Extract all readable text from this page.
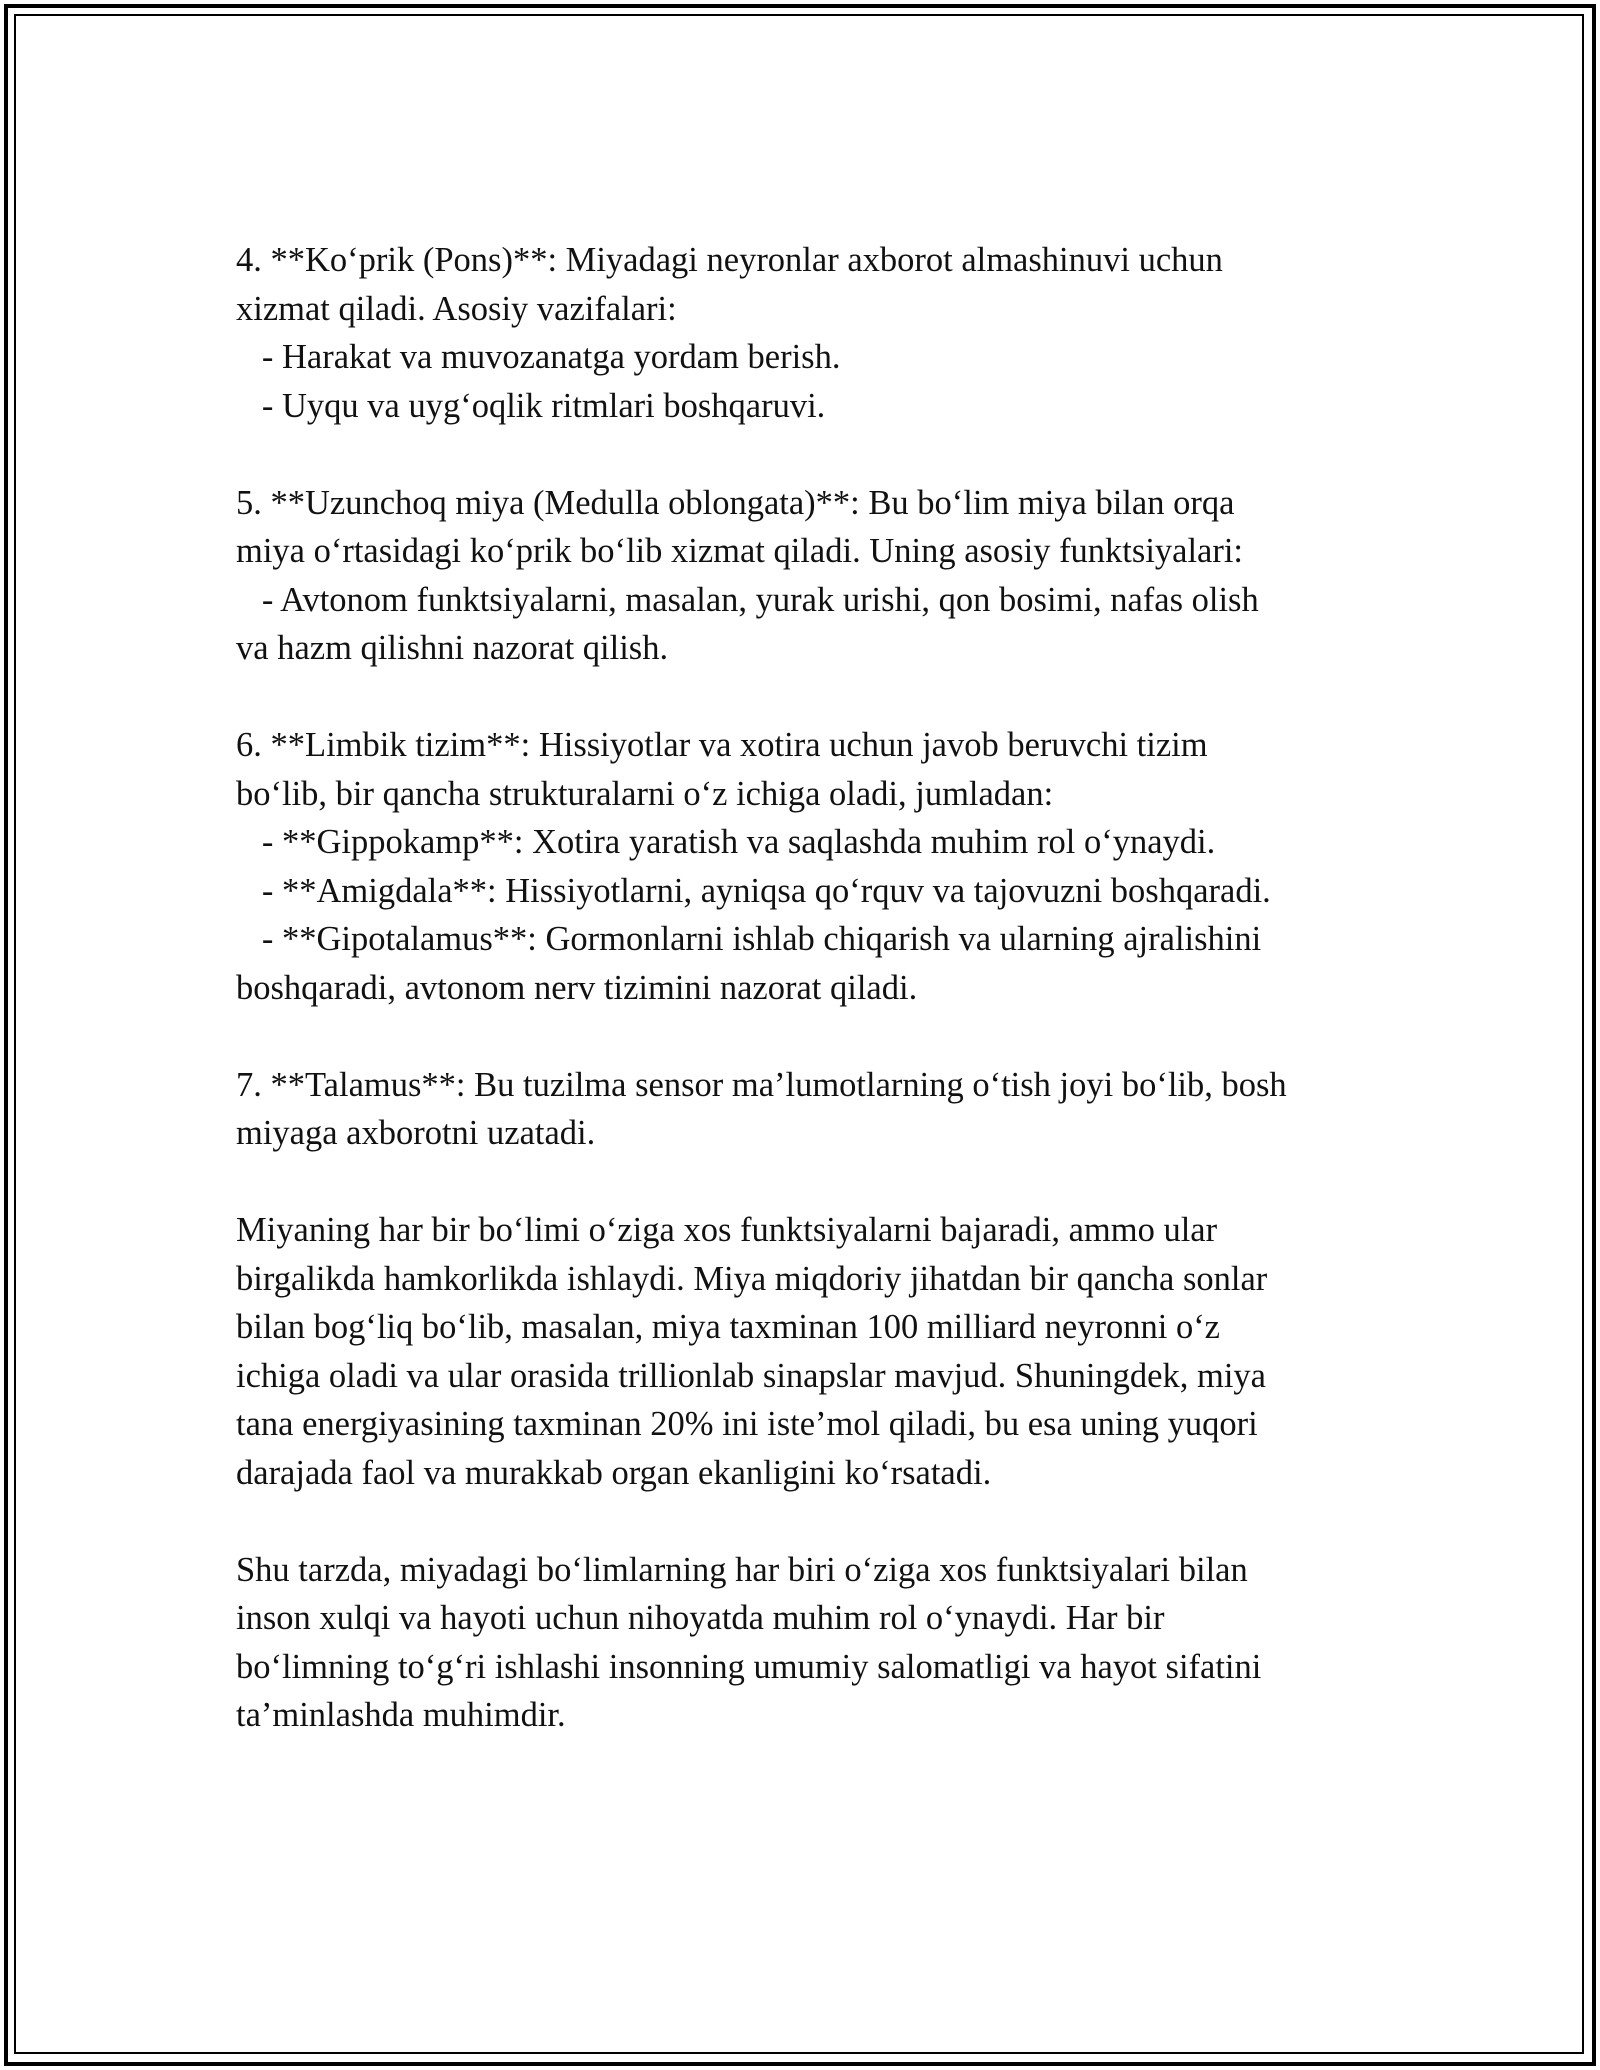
4. **Ko‘prik (Pons)**: Miyadagi neyronlar axborot almashinuvi uchun
xizmat qiladi. Asosiy vazifalari:
- Harakat va muvozanatga yordam berish.
- Uyqu va uyg‘oqlik ritmlari boshqaruvi.
5. **Uzunchoq miya (Medulla oblongata)**: Bu bo‘lim miya bilan orqa
miya o‘rtasidagi ko‘prik bo‘lib xizmat qiladi. Uning asosiy funktsiyalari:
- Avtonom funktsiyalarni, masalan, yurak urishi, qon bosimi, nafas olish
va hazm qilishni nazorat qilish.
6. **Limbik tizim**: Hissiyotlar va xotira uchun javob beruvchi tizim
bo‘lib, bir qancha strukturalarni o‘z ichiga oladi, jumladan:
- **Gippokamp**: Xotira yaratish va saqlashda muhim rol o‘ynaydi.
- **Amigdala**: Hissiyotlarni, ayniqsa qo‘rquv va tajovuzni boshqaradi.
- **Gipotalamus**: Gormonlarni ishlab chiqarish va ularning ajralishini
boshqaradi, avtonom nerv tizimini nazorat qiladi.
7. **Talamus**: Bu tuzilma sensor ma’lumotlarning o‘tish joyi bo‘lib, bosh
miyaga axborotni uzatadi.
Miyaning har bir bo‘limi o‘ziga xos funktsiyalarni bajaradi, ammo ular
birgalikda hamkorlikda ishlaydi. Miya miqdoriy jihatdan bir qancha sonlar
bilan bog‘liq bo‘lib, masalan, miya taxminan 100 milliard neyronni o‘z
ichiga oladi va ular orasida trillionlab sinapslar mavjud. Shuningdek, miya
tana energiyasining taxminan 20% ini iste’mol qiladi, bu esa uning yuqori
darajada faol va murakkab organ ekanligini ko‘rsatadi.
Shu tarzda, miyadagi bo‘limlarning har biri o‘ziga xos funktsiyalari bilan
inson xulqi va hayoti uchun nihoyatda muhim rol o‘ynaydi. Har bir
bo‘limning to‘g‘ri ishlashi insonning umumiy salomatligi va hayot sifatini
ta’minlashda muhimdir.
